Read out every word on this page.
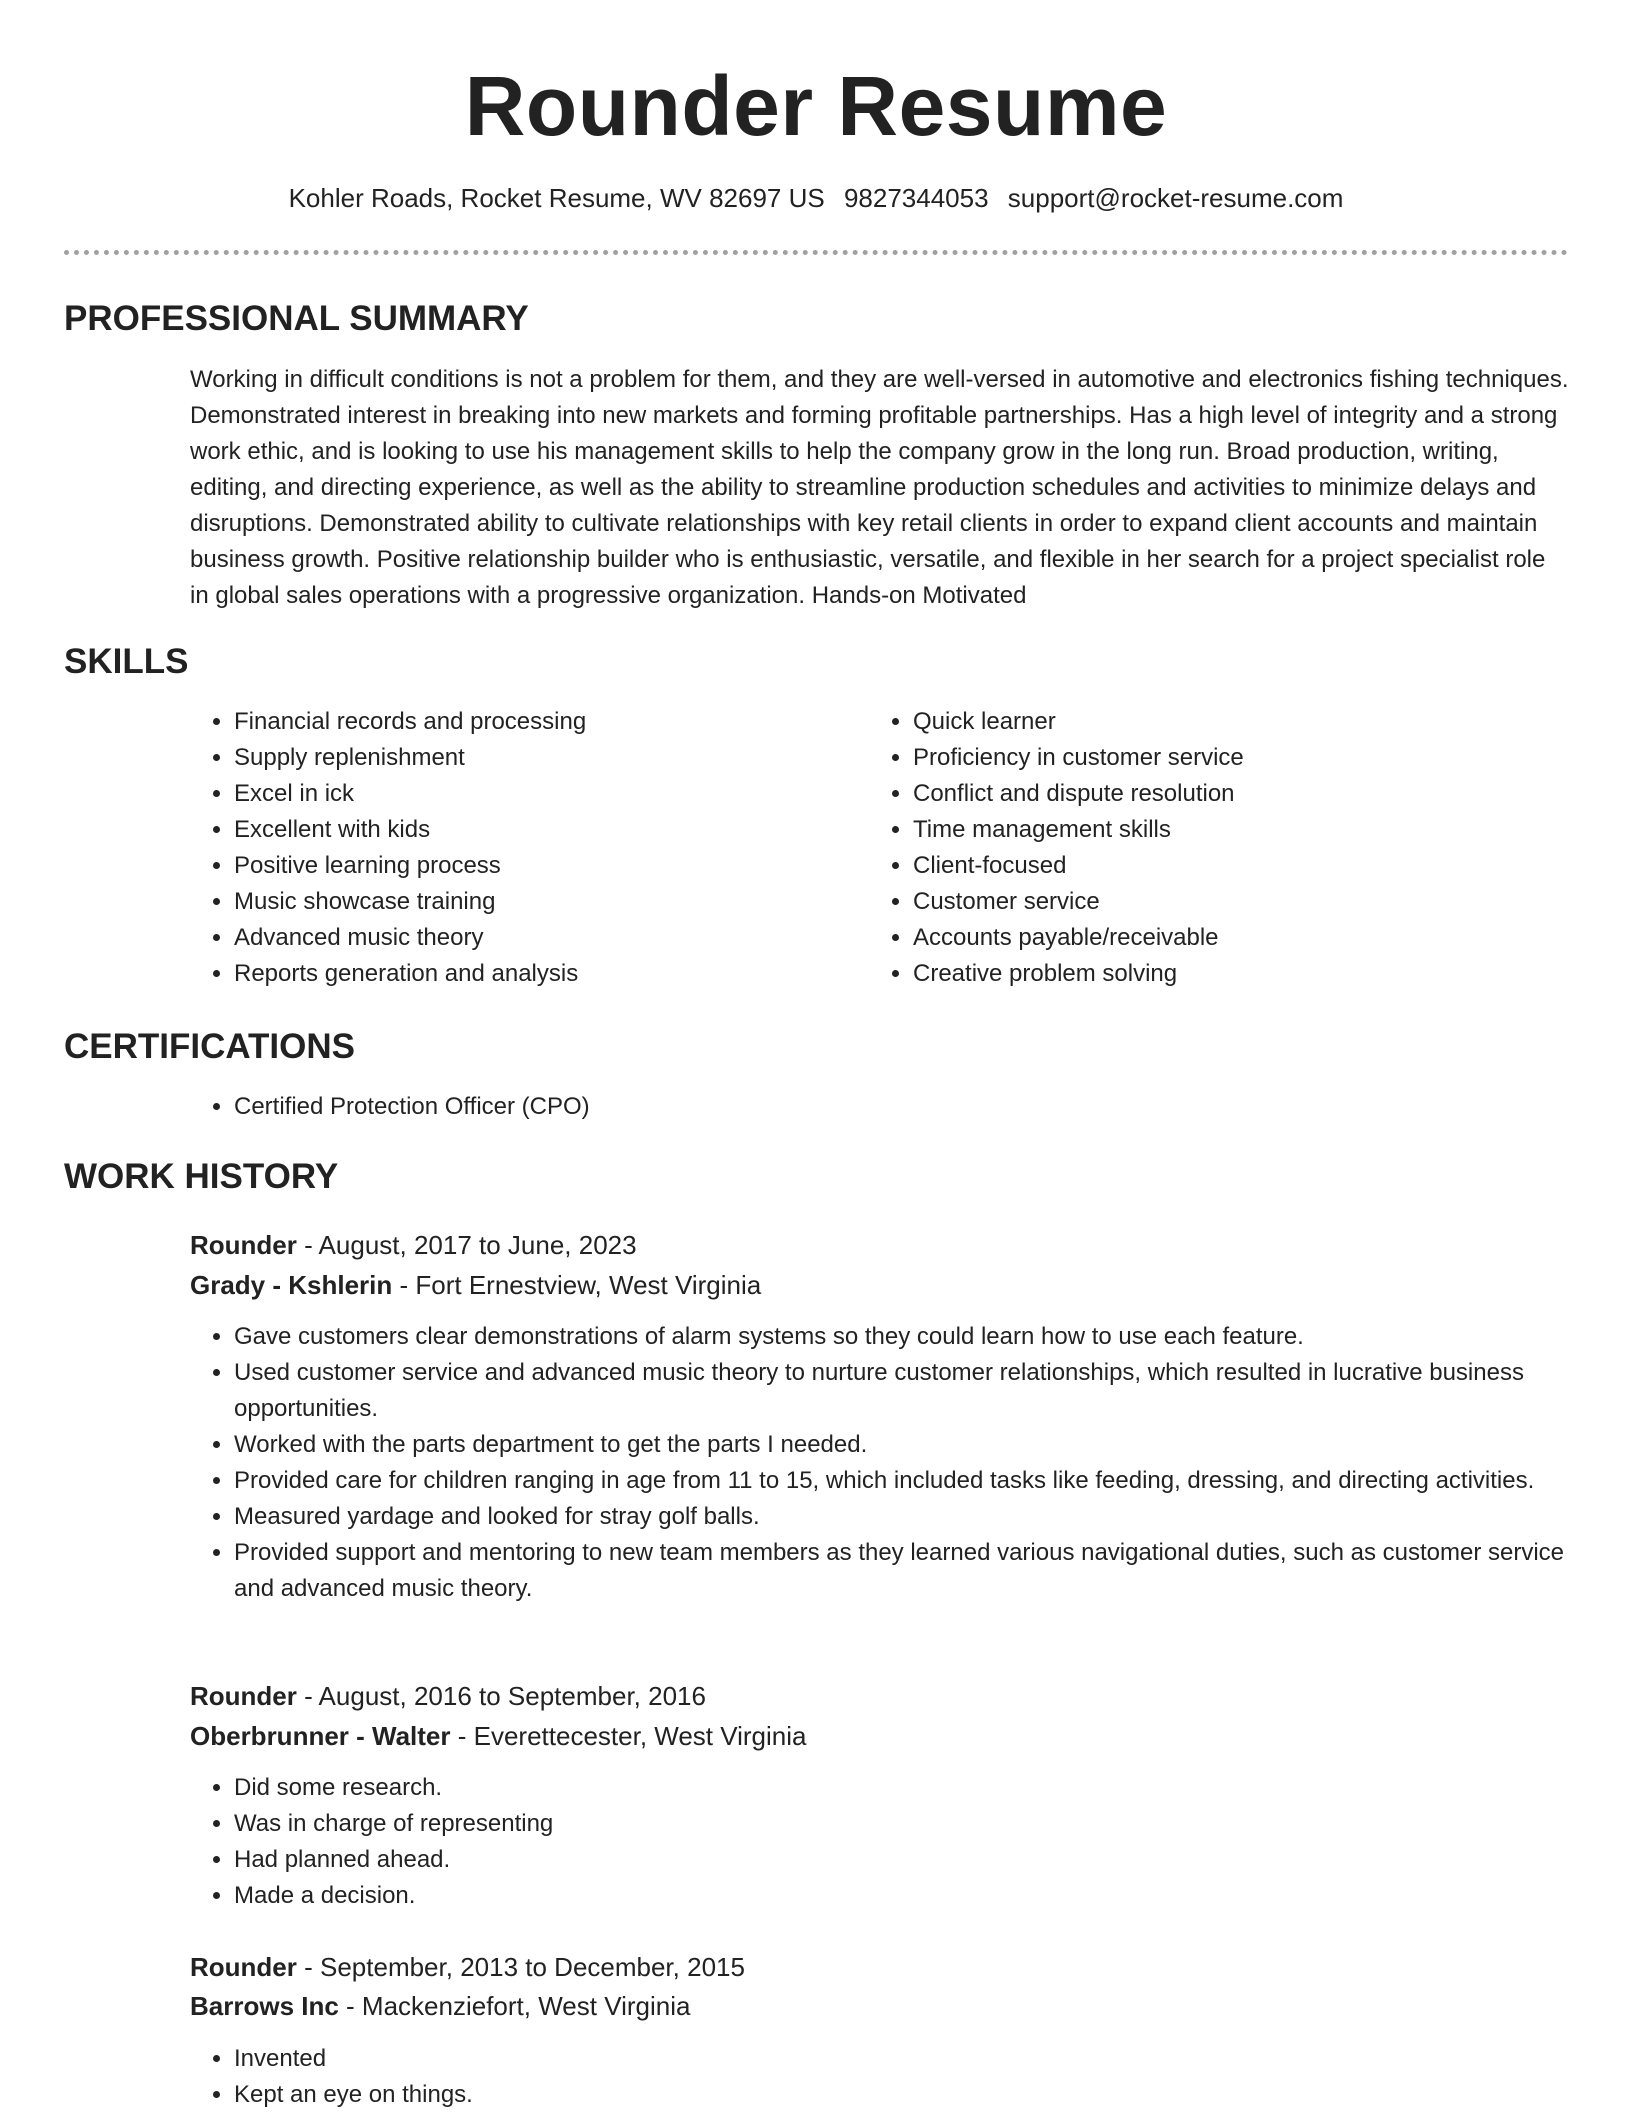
Rounder Resume
Kohler Roads, Rocket Resume, WV 82697 US 9827344053 support@rocket-resume.com
PROFESSIONAL SUMMARY

Working in difficult conditions is not a problem for them, and they are well-versed in automotive and electronics fishing techniques. Demonstrated interest in breaking into new markets and forming profitable partnerships. Has a high level of integrity and a strong work ethic, and is looking to use his management skills to help the company grow in the long run. Broad production, writing, editing, and directing experience, as well as the ability to streamline production schedules and activities to minimize delays and disruptions. Demonstrated ability to cultivate relationships with key retail clients in order to expand client accounts and maintain business growth. Positive relationship builder who is enthusiastic, versatile, and flexible in her search for a project specialist role in global sales operations with a progressive organization. Hands-on Motivated

SKILLS
• Financial records and processing
• Supply replenishment
• Excel in ick
• Excellent with kids
• Positive learning process
• Music showcase training
• Advanced music theory
• Reports generation and analysis
• Quick learner
• Proficiency in customer service
• Conflict and dispute resolution
• Time management skills
• Client-focused
• Customer service
• Accounts payable/receivable
• Creative problem solving
CERTIFICATIONS
• Certified Protection Officer (CPO)
WORK HISTORY
Rounder - August, 2017 to June, 2023
Grady - Kshlerin - Fort Ernestview, West Virginia
• Gave customers clear demonstrations of alarm systems so they could learn how to use each feature.
• Used customer service and advanced music theory to nurture customer relationships, which resulted in lucrative business opportunities.
• Worked with the parts department to get the parts I needed.
• Provided care for children ranging in age from 11 to 15, which included tasks like feeding, dressing, and directing activities.
• Measured yardage and looked for stray golf balls.
• Provided support and mentoring to new team members as they learned various navigational duties, such as customer service and advanced music theory.
Rounder - August, 2016 to September, 2016
Oberbrunner - Walter - Everettecester, West Virginia
• Did some research.
• Was in charge of representing
• Had planned ahead.
• Made a decision.
Rounder - September, 2013 to December, 2015
Barrows Inc - Mackenziefort, West Virginia
• Invented
• Kept an eye on things.
